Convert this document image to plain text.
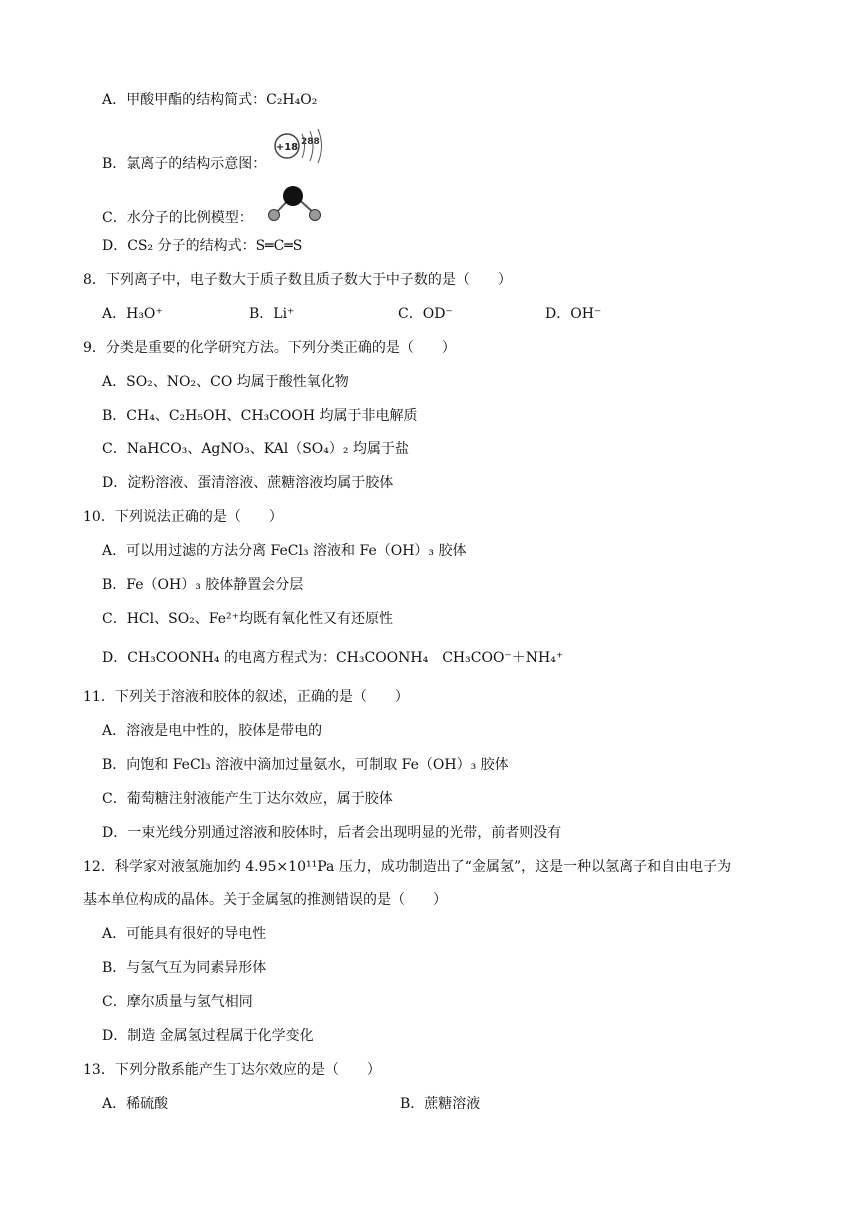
A．甲酸甲酯的结构简式：C₂H₄O₂
B．氯离子的结构示意图：
+18 288
C．水分子的比例模型：
D．CS₂ 分子的结构式：S═C═S
8．下列离子中，电子数大于质子数且质子数大于中子数的是（　　）
A．H₃O⁺	B．Li⁺	C．OD⁻	D．OH⁻
9．分类是重要的化学研究方法。下列分类正确的是（　　）
A．SO₂、NO₂、CO 均属于酸性氧化物
B．CH₄、C₂H₅OH、CH₃COOH 均属于非电解质
C．NaHCO₃、AgNO₃、KAl（SO₄）₂ 均属于盐
D．淀粉溶液、蛋清溶液、蔗糖溶液均属于胶体
10．下列说法正确的是（　　）
A．可以用过滤的方法分离 FeCl₃ 溶液和 Fe（OH）₃ 胶体
B．Fe（OH）₃ 胶体静置会分层
C．HCl、SO₂、Fe²⁺均既有氧化性又有还原性
D．CH₃COONH₄ 的电离方程式为：CH₃COONH₄　CH₃COO⁻＋NH₄⁺
11．下列关于溶液和胶体的叙述，正确的是（　　）
A．溶液是电中性的，胶体是带电的
B．向饱和 FeCl₃ 溶液中滴加过量氨水，可制取 Fe（OH）₃ 胶体
C．葡萄糖注射液能产生丁达尔效应，属于胶体
D．一束光线分别通过溶液和胶体时，后者会出现明显的光带，前者则没有
12．科学家对液氢施加约 4.95×10¹¹Pa 压力，成功制造出了“金属氢”，这是一种以氢离子和自由电子为
基本单位构成的晶体。关于金属氢的推测错误的是（　　）
A．可能具有很好的导电性
B．与氢气互为同素异形体
C．摩尔质量与氢气相同
D．制造 金属氢过程属于化学变化
13．下列分散系能产生丁达尔效应的是（　　）
A．稀硫酸	B．蔗糖溶液
